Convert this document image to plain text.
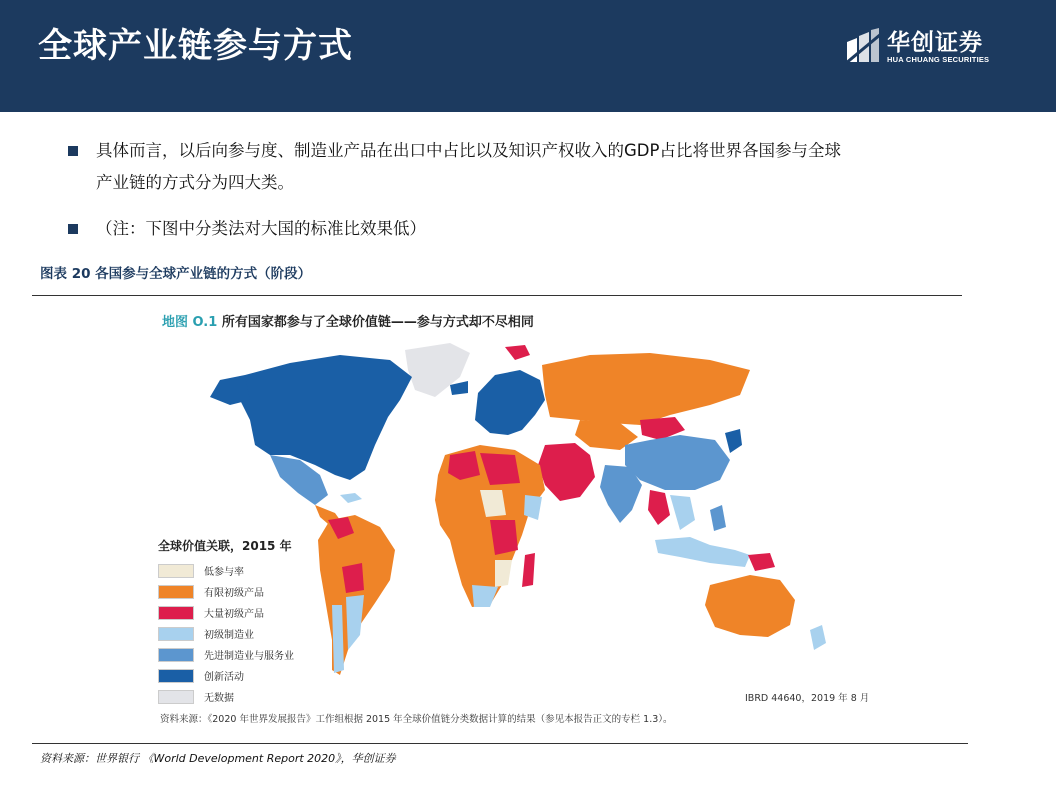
全球产业链参与方式	华创证券
HUA CHUANG SECURITIES
具体而言，以后向参与度、制造业产品在出口中占比以及知识产权收入的GDP占比将世界各国参与全球
产业链的方式分为四大类。
（注：下图中分类法对大国的标准比效果低）
图表 20 各国参与全球产业链的方式（阶段）
地图 O.1 所有国家都参与了全球价值链——参与方式却不尽相同
全球价值关联，2015 年
低参与率
有限初级产品
大量初级产品
初级制造业
先进制造业与服务业
创新活动
无数据	IBRD 44640，2019 年 8 月
资料来源：《2020 年世界发展报告》工作组根据 2015 年全球价值链分类数据计算的结果（参见本报告正文的专栏 1.3）。
资料来源：世界银行 《World Development Report 2020》，华创证券
